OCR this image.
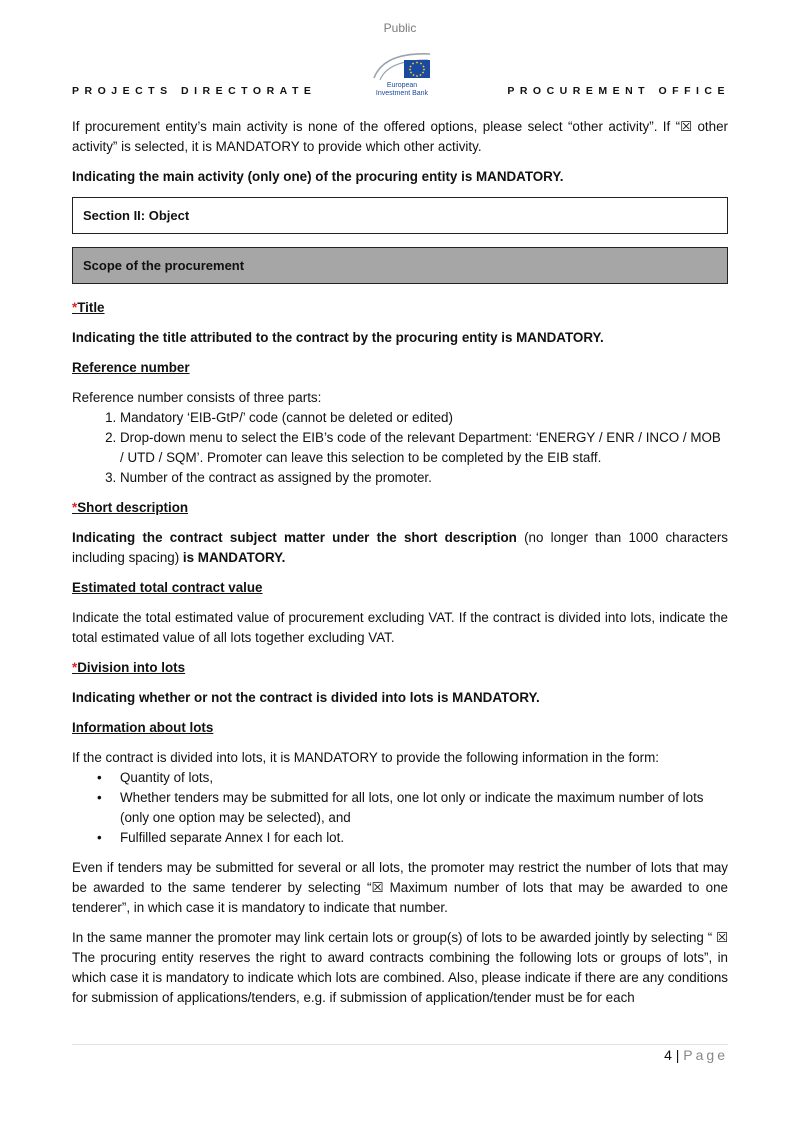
Public
PROJECTS DIRECTORATE	PROCUREMENT OFFICE
European
Investment Bank

If procurement entity’s main activity is none of the offered options, please select “other activity”. If “☒ other activity” is selected, it is MANDATORY to provide which other activity.

Indicating the main activity (only one) of the procuring entity is MANDATORY.

Section II: Object
Scope of the procurement
*Title

Indicating the title attributed to the contract by the procuring entity is MANDATORY.

Reference number

Reference number consists of three parts:

1. Mandatory ‘EIB-GtP/’ code (cannot be deleted or edited)
2. Drop-down menu to select the EIB’s code of the relevant Department: ‘ENERGY / ENR / INCO / MOB / UTD / SQM’. Promoter can leave this selection to be completed by the EIB staff.
3. Number of the contract as assigned by the promoter.
*Short description

Indicating the contract subject matter under the short description (no longer than 1000 characters including spacing) is MANDATORY.

Estimated total contract value

Indicate the total estimated value of procurement excluding VAT. If the contract is divided into lots, indicate the total estimated value of all lots together excluding VAT.

*Division into lots

Indicating whether or not the contract is divided into lots is MANDATORY.

Information about lots

If the contract is divided into lots, it is MANDATORY to provide the following information in the form:

• Quantity of lots,
• Whether tenders may be submitted for all lots, one lot only or indicate the maximum number of lots (only one option may be selected), and
• Fulfilled separate Annex I for each lot.

Even if tenders may be submitted for several or all lots, the promoter may restrict the number of lots that may be awarded to the same tenderer by selecting “☒ Maximum number of lots that may be awarded to one tenderer”, in which case it is mandatory to indicate that number.

In the same manner the promoter may link certain lots or group(s) of lots to be awarded jointly by selecting “ ☒ The procuring entity reserves the right to award contracts combining the following lots or groups of lots”, in which case it is mandatory to indicate which lots are combined. Also, please indicate if there are any conditions for submission of applications/tenders, e.g. if submission of application/tender must be for each

4 | Page
